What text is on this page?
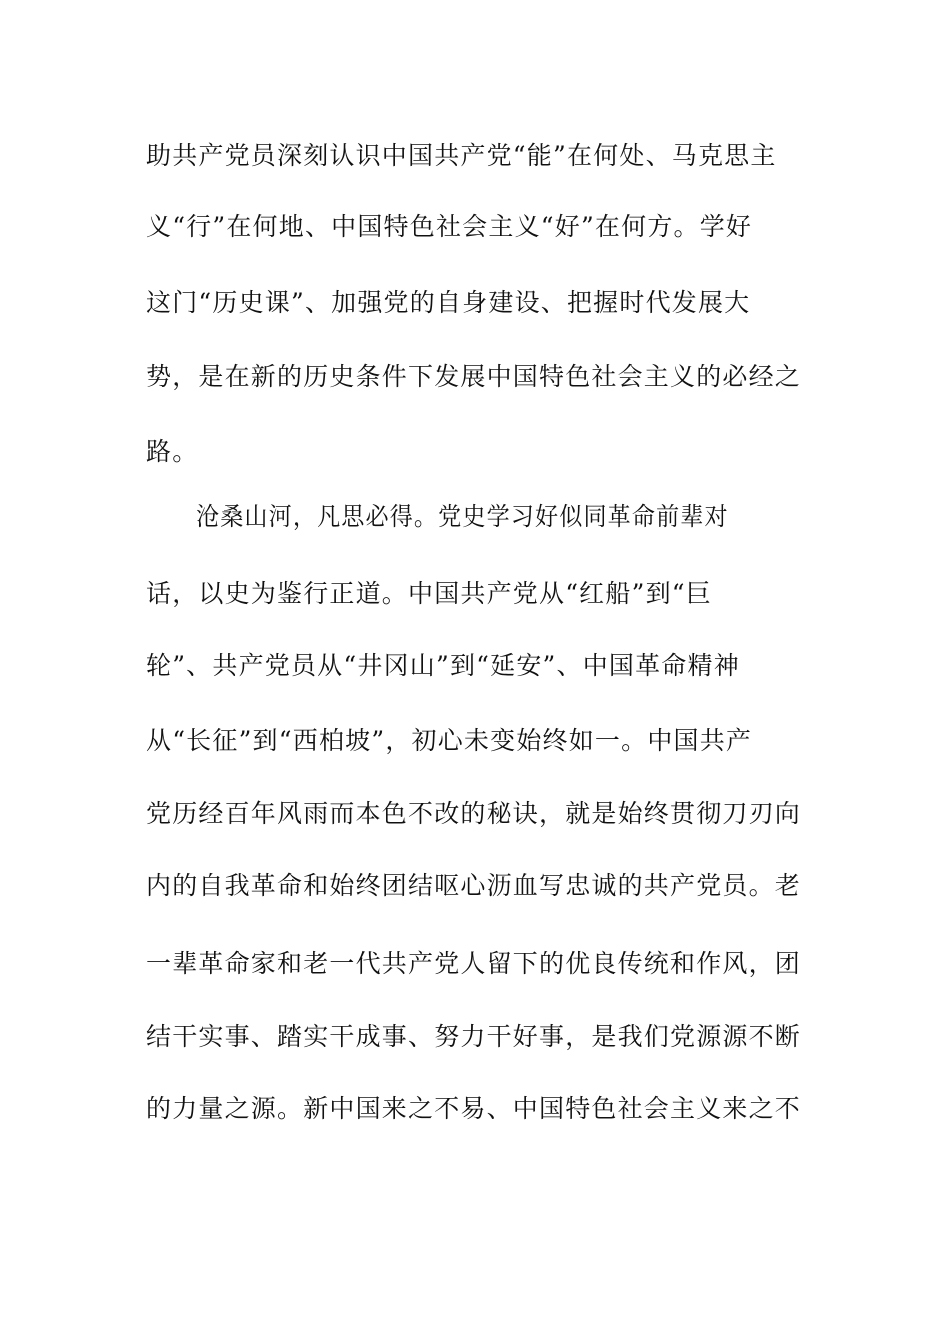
助共产党员深刻认识中国共产党“能”在何处、马克思主
义“行”在何地、中国特色社会主义“好”在何方。学好
这门“历史课”、加强党的自身建设、把握时代发展大
势，是在新的历史条件下发展中国特色社会主义的必经之
路。
沧桑山河，凡思必得。党史学习好似同革命前辈对
话，以史为鉴行正道。中国共产党从“红船”到“巨
轮”、共产党员从“井冈山”到“延安”、中国革命精神
从“长征”到“西柏坡”，初心未变始终如一。中国共产
党历经百年风雨而本色不改的秘诀，就是始终贯彻刀刃向
内的自我革命和始终团结呕心沥血写忠诚的共产党员。老
一辈革命家和老一代共产党人留下的优良传统和作风，团
结干实事、踏实干成事、努力干好事，是我们党源源不断
的力量之源。新中国来之不易、中国特色社会主义来之不
